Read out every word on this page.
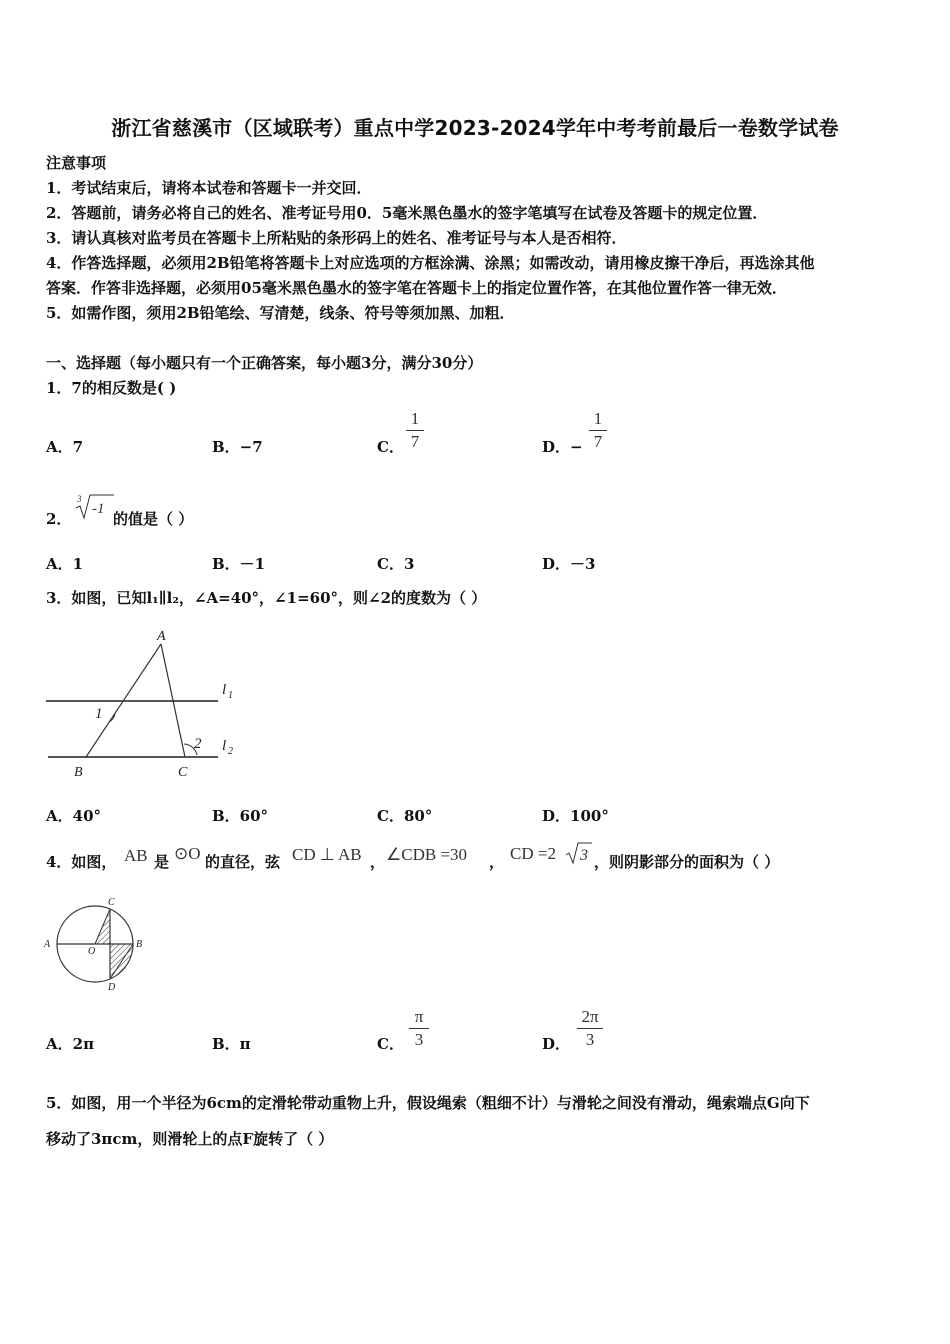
浙江省慈溪市（区域联考）重点中学2023-2024学年中考考前最后一卷数学试卷
注意事项
1．考试结束后，请将本试卷和答题卡一并交回．
2．答题前，请务必将自己的姓名、准考证号用0．5毫米黑色墨水的签字笔填写在试卷及答题卡的规定位置．
3．请认真核对监考员在答题卡上所粘贴的条形码上的姓名、准考证号与本人是否相符．
4．作答选择题，必须用2B铅笔将答题卡上对应选项的方框涂满、涂黑；如需改动，请用橡皮擦干净后，再选涂其他
答案．作答非选择题，必须用05毫米黑色墨水的签字笔在答题卡上的指定位置作答，在其他位置作答一律无效．
5．如需作图，须用2B铅笔绘、写清楚，线条、符号等须加黑、加粗．
一、选择题（每小题只有一个正确答案，每小题3分，满分30分）
1．7的相反数是( )
A．7	B．−7	C．
1
7	D．−
1
7
2．
3
-1
的值是（ ）
A．1	B．－1	C．3	D．－3
3．如图，已知l₁∥l₂，∠A=40°，∠1=60°，则∠2的度数为（ ）
A
B	C
1
2
l 1
l 2
A．40°	B．60°	C．80°	D．100°
4．如图， AB 是 ⊙O 的直径，弦 CD ⊥ AB ， ∠CDB =30 ， CD =2 3 ，则阴影部分的面积为（ ）
A	B
C
D
O
A．2π	B．π	C．
π
3	D．
2π
3
5．如图，用一个半径为6cm的定滑轮带动重物上升，假设绳索（粗细不计）与滑轮之间没有滑动，绳索端点G向下
移动了3πcm，则滑轮上的点F旋转了（ ）
